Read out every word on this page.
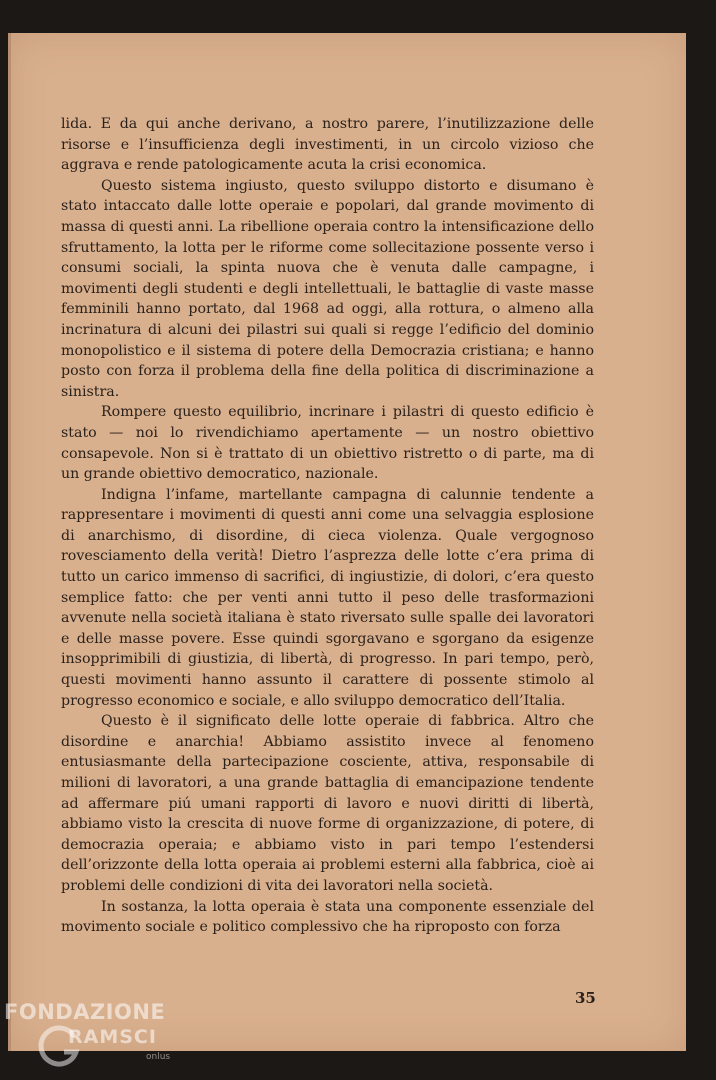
lida. E da qui anche derivano, a nostro parere, l’inutilizzazione delle risorse e l’insufficienza degli investimenti, in un circolo vizioso che aggrava e rende patologicamente acuta la crisi economica.

Questo sistema ingiusto, questo sviluppo distorto e disumano è stato intaccato dalle lotte operaie e popolari, dal grande movimento di massa di questi anni. La ribellione operaia contro la intensificazione dello sfruttamento, la lotta per le riforme come sollecitazione possente verso i consumi sociali, la spinta nuova che è venuta dalle campagne, i movimenti degli studenti e degli intellettuali, le battaglie di vaste masse femminili hanno portato, dal 1968 ad oggi, alla rottura, o almeno alla incrinatura di alcuni dei pilastri sui quali si regge l’edificio del dominio monopolistico e il sistema di potere della Democrazia cristiana; e hanno posto con forza il problema della fine della politica di discriminazione a sinistra.

Rompere questo equilibrio, incrinare i pilastri di questo edificio è stato — noi lo rivendichiamo apertamente — un nostro obiettivo consapevole. Non si è trattato di un obiettivo ristretto o di parte, ma di un grande obiettivo democratico, nazionale.

Indigna l’infame, martellante campagna di calunnie tendente a rappresentare i movimenti di questi anni come una selvaggia esplosione di anarchismo, di disordine, di cieca violenza. Quale vergognoso rovesciamento della verità! Dietro l’asprezza delle lotte c’era prima di tutto un carico immenso di sacrifici, di ingiustizie, di dolori, c’era questo semplice fatto: che per venti anni tutto il peso delle trasformazioni avvenute nella società italiana è stato riversato sulle spalle dei lavoratori e delle masse povere. Esse quindi sgorgavano e sgorgano da esigenze insopprimibili di giustizia, di libertà, di progresso. In pari tempo, però, questi movimenti hanno assunto il carattere di possente stimolo al progresso economico e sociale, e allo sviluppo democratico dell’Italia.

Questo è il significato delle lotte operaie di fabbrica. Altro che disordine e anarchia! Abbiamo assistito invece al fenomeno entusiasmante della partecipazione cosciente, attiva, responsabile di milioni di lavoratori, a una grande battaglia di emancipazione tendente ad affermare piú umani rapporti di lavoro e nuovi diritti di libertà, abbiamo visto la crescita di nuove forme di organizzazione, di potere, di democrazia operaia; e abbiamo visto in pari tempo l’estendersi dell’orizzonte della lotta operaia ai problemi esterni alla fabbrica, cioè ai problemi delle condizioni di vita dei lavoratori nella società.

In sostanza, la lotta operaia è stata una componente essenziale del movimento sociale e politico complessivo che ha riproposto con forza

35
FONDAZIONE
RAMSCI
onlus
